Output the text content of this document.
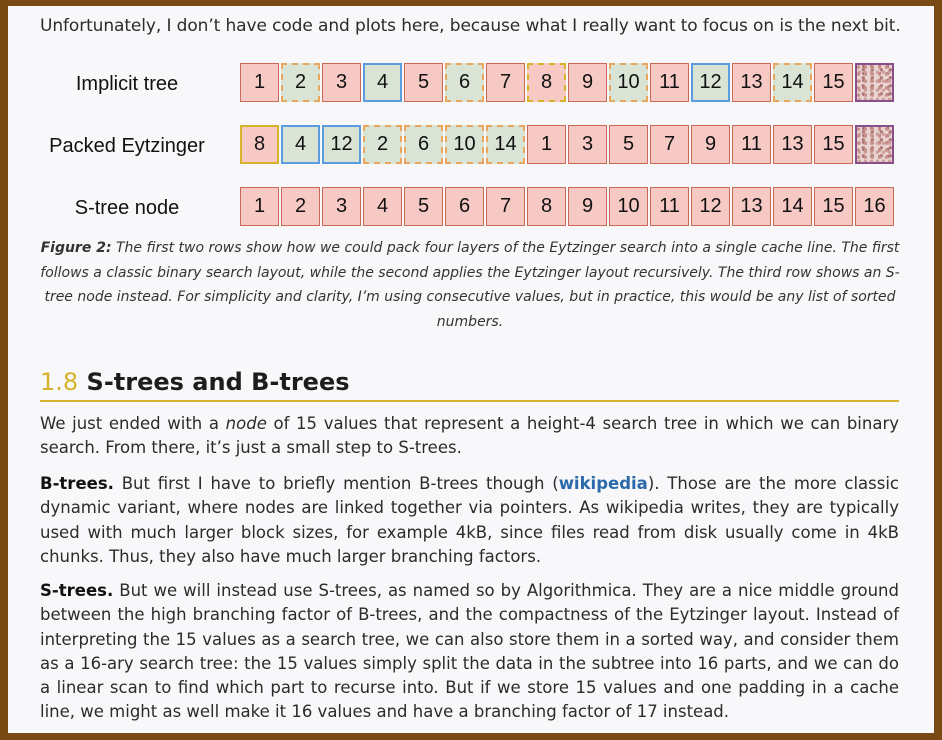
Unfortunately, I don’t have code and plots here, because what I really want to focus on is the next bit.
Implicit tree	1	2	3	4	5	6	7	8	9	10 11 12 13 14 15
Packed Eytzinger	8	4	12	2	6	10 14	1	3	5	7	9	11 13 15
S-tree node	1	2	3	4	5	6	7	8	9	10 11 12 13 14 15 16
Figure 2: The first two rows show how we could pack four layers of the Eytzinger search into a single cache line. The first follows a classic binary search layout, while the second applies the Eytzinger layout recursively. The third row shows an S-tree node instead. For simplicity and clarity, I’m using consecutive values, but in practice, this would be any list of sorted numbers.
1.8 S-trees and B-trees
We just ended with a node of 15 values that represent a height-4 search tree in which we can binary search. From there, it’s just a small step to S-trees.
B-trees. But first I have to briefly mention B-trees though (wikipedia). Those are the more classic dynamic variant, where nodes are linked together via pointers. As wikipedia writes, they are typically used with much larger block sizes, for example 4kB, since files read from disk usually come in 4kB chunks. Thus, they also have much larger branching factors.
S-trees. But we will instead use S-trees, as named so by Algorithmica. They are a nice middle ground between the high branching factor of B-trees, and the compactness of the Eytzinger layout. Instead of interpreting the 15 values as a search tree, we can also store them in a sorted way, and consider them as a 16-ary search tree: the 15 values simply split the data in the subtree into 16 parts, and we can do a linear scan to find which part to recurse into. But if we store 15 values and one padding in a cache line, we might as well make it 16 values and have a branching factor of 17 instead.
